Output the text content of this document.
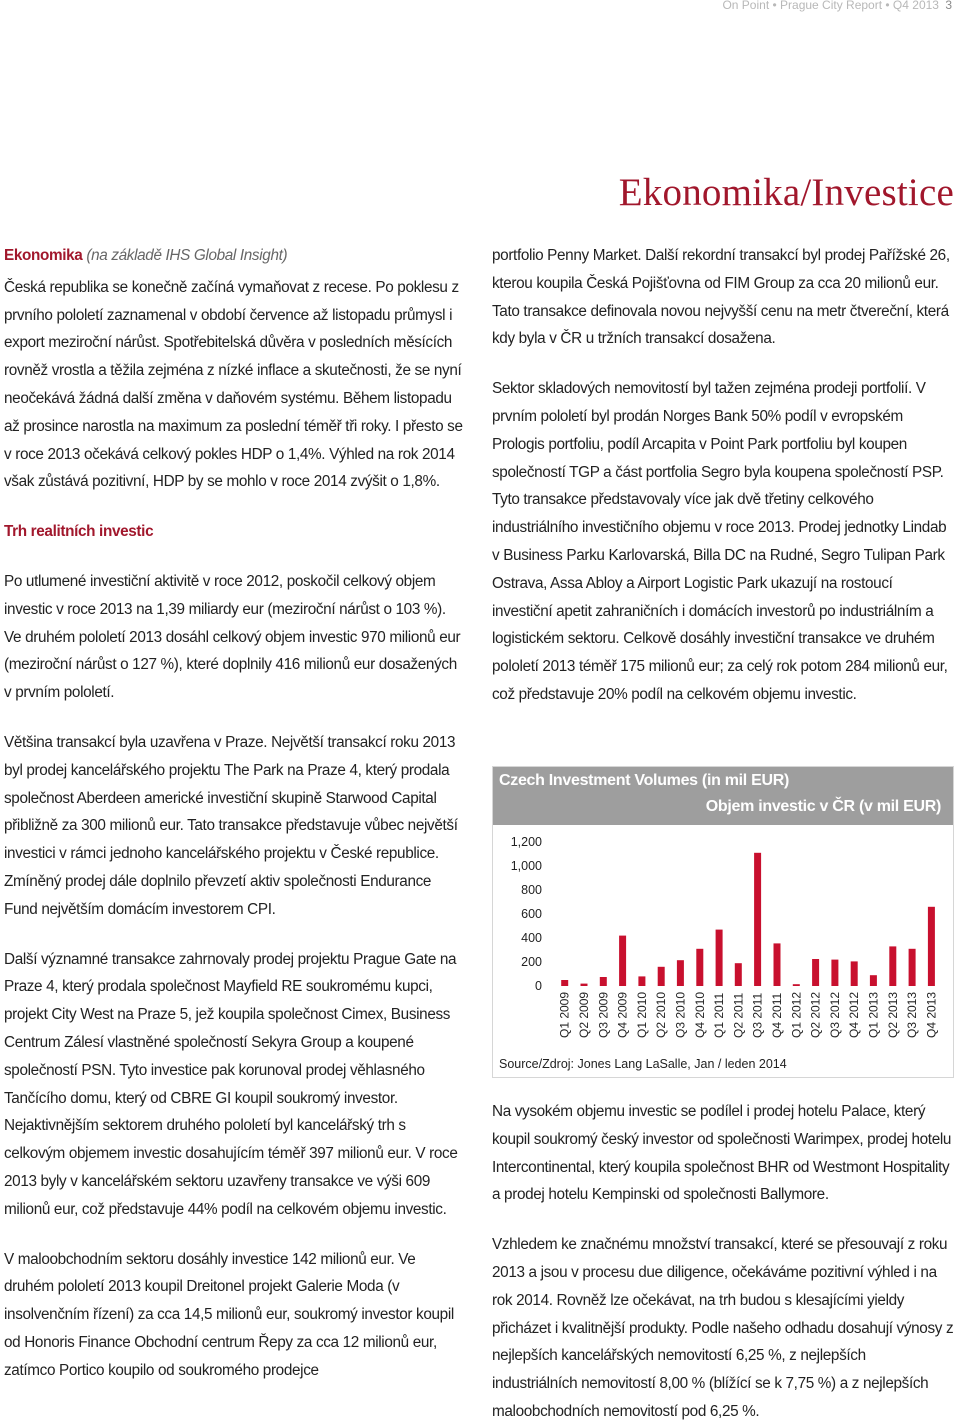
On Point • Prague City Report • Q4 2013 3
Ekonomika/Investice

Ekonomika (na základě IHS Global Insight)

Česká republika se konečně začíná vymaňovat z recese. Po poklesu z prvního pololetí zaznamenal v období července až listopadu průmysl i export meziroční nárůst. Spotřebitelská důvěra v posledních měsících rovněž vrostla a těžila zejména z nízké inflace a skutečnosti, že se nyní neočekává žádná další změna v daňovém systému. Během listopadu až prosince narostla na maximum za poslední téměř tři roky. I přesto se v roce 2013 očekává celkový pokles HDP o 1,4%. Výhled na rok 2014 však zůstává pozitivní, HDP by se mohlo v roce 2014 zvýšit o 1,8%.

Trh realitních investic

Po utlumené investiční aktivitě v roce 2012, poskočil celkový objem investic v roce 2013 na 1,39 miliardy eur (meziroční nárůst o 103 %). Ve druhém pololetí 2013 dosáhl celkový objem investic 970 milionů eur (meziroční nárůst o 127 %), které doplnily 416 milionů eur dosažených v prvním pololetí.

Většina transakcí byla uzavřena v Praze. Největší transakcí roku 2013 byl prodej kancelářského projektu The Park na Praze 4, který prodala společnost Aberdeen americké investiční skupině Starwood Capital přibližně za 300 milionů eur. Tato transakce představuje vůbec největší investici v rámci jednoho kancelářského projektu v České republice. Zmíněný prodej dále doplnilo převzetí aktiv společnosti Endurance Fund největším domácím investorem CPI.

Další významné transakce zahrnovaly prodej projektu Prague Gate na Praze 4, který prodala společnost Mayfield RE soukromému kupci, projekt City West na Praze 5, jež koupila společnost Cimex, Business Centrum Zálesí vlastněné společností Sekyra Group a koupené společností PSN. Tyto investice pak korunoval prodej věhlasného Tančícího domu, který od CBRE GI koupil soukromý investor. Nejaktivnějším sektorem druhého pololetí byl kancelářský trh s celkovým objemem investic dosahujícím téměř 397 milionů eur. V roce 2013 byly v kancelářském sektoru uzavřeny transakce ve výši 609 milionů eur, což představuje 44% podíl na celkovém objemu investic.

V maloobchodním sektoru dosáhly investice 142 milionů eur. Ve druhém pololetí 2013 koupil Dreitonel projekt Galerie Moda (v insolvenčním řízení) za cca 14,5 milionů eur, soukromý investor koupil od Honoris Finance Obchodní centrum Řepy za cca 12 milionů eur, zatímco Portico koupilo od soukromého prodejce

portfolio Penny Market. Další rekordní transakcí byl prodej Pařížské 26, kterou koupila Česká Pojišťovna od FIM Group za cca 20 milionů eur. Tato transakce definovala novou nejvyšší cenu na metr čtvereční, která kdy byla v ČR u tržních transakcí dosažena.

Sektor skladových nemovitostí byl tažen zejména prodeji portfolií. V prvním pololetí byl prodán Norges Bank 50% podíl v evropském Prologis portfoliu, podíl Arcapita v Point Park portfoliu byl koupen společností TGP a část portfolia Segro byla koupena společností PSP. Tyto transakce představovaly více jak dvě třetiny celkového industriálního investičního objemu v roce 2013. Prodej jednotky Lindab v Business Parku Karlovarská, Billa DC na Rudné, Segro Tulipan Park Ostrava, Assa Abloy a Airport Logistic Park ukazují na rostoucí investiční apetit zahraničních i domácích investorů po industriálním a logistickém sektoru. Celkově dosáhly investiční transakce ve druhém pololetí 2013 téměř 175 milionů eur; za celý rok potom 284 milionů eur, což představuje 20% podíl na celkovém objemu investic.

Czech Investment Volumes (in mil EUR)
Objem investic v ČR (v mil EUR)
0
200
400
600
800
1,000
1,200
Q1 2009 Q2 2009 Q3 2009 Q4 2009 Q1 2010 Q2 2010 Q3 2010 Q4 2010 Q1 2011 Q2 2011 Q3 2011 Q4 2011 Q1 2012 Q2 2012 Q3 2012 Q4 2012 Q1 2013 Q2 2013 Q3 2013 Q4 2013
Source/Zdroj: Jones Lang LaSalle, Jan / leden 2014

Na vysokém objemu investic se podílel i prodej hotelu Palace, který koupil soukromý český investor od společnosti Warimpex, prodej hotelu Intercontinental, který koupila společnost BHR od Westmont Hospitality a prodej hotelu Kempinski od společnosti Ballymore.

Vzhledem ke značnému množství transakcí, které se přesouvají z roku 2013 a jsou v procesu due diligence, očekáváme pozitivní výhled i na rok 2014. Rovněž lze očekávat, na trh budou s klesajícími yieldy přicházet i kvalitnější produkty. Podle našeho odhadu dosahují výnosy z nejlepších kancelářských nemovitostí 6,25 %, z nejlepších industriálních nemovitostí 8,00 % (blížící se k 7,75 %) a z nejlepších maloobchodních nemovitostí pod 6,25 %.
